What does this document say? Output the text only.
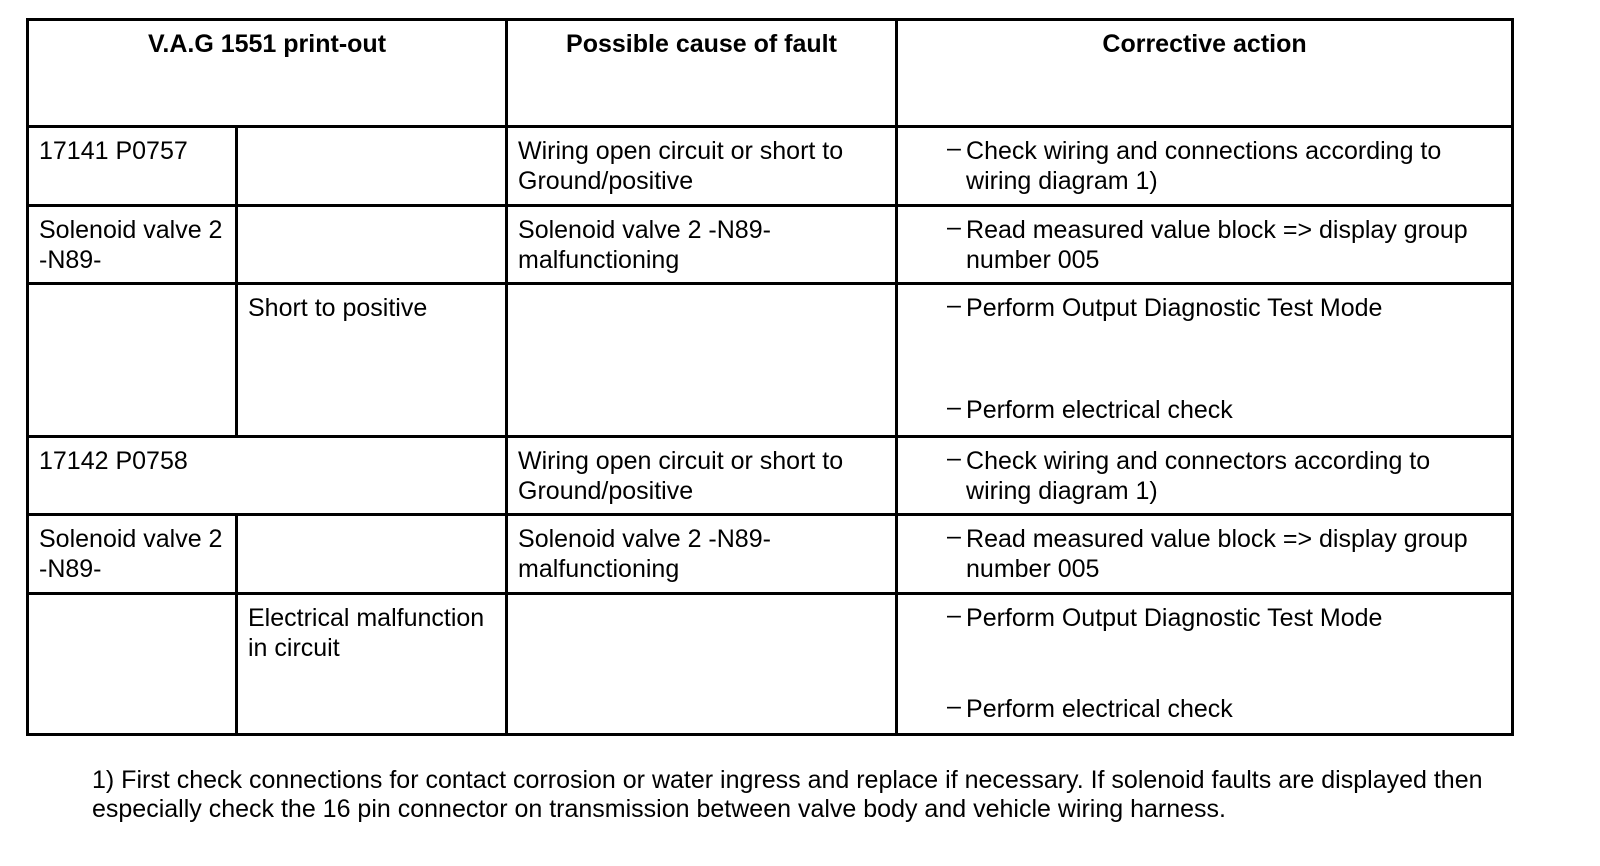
V.A.G 1551 print-out		Possible cause of fault	Corrective action
17141 P0757		Wiring open circuit or short to Ground/positive	– Check wiring and connections according to wiring diagram 1)

Solenoid valve 2 -N89-		Solenoid valve 2 -N89- malfunctioning	– Read measured value block => display group number 005

	Short to positive		– Perform Output Diagnostic Test Mode
– Perform electrical check

17142 P0758		Wiring open circuit or short to Ground/positive	– Check wiring and connectors according to wiring diagram 1)

Solenoid valve 2 -N89-		Solenoid valve 2 -N89- malfunctioning	– Read measured value block => display group number 005

	Electrical malfunction in circuit		– Perform Output Diagnostic Test Mode
– Perform electrical check
1) First check connections for contact corrosion or water ingress and replace if necessary. If solenoid faults are displayed then especially check the 16 pin connector on transmission between valve body and vehicle wiring harness.
